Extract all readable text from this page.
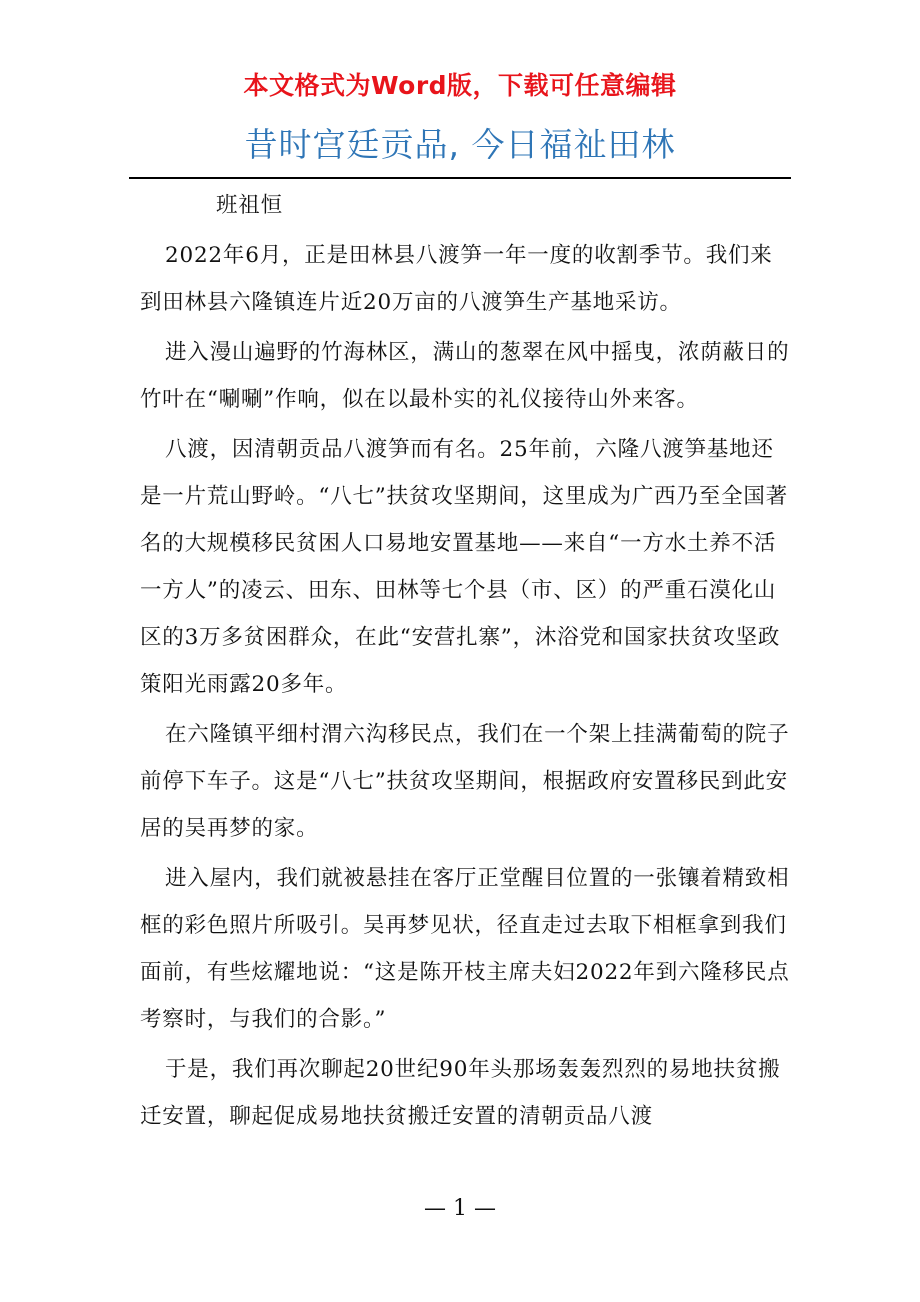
本文格式为Word版，下载可任意编辑
昔时宫廷贡品, 今日福祉田林

班祖恒

2022年6月，正是田林县八渡笋一年一度的收割季节。我们来到田林县六隆镇连片近20万亩的八渡笋生产基地采访。

进入漫山遍野的竹海林区，满山的葱翠在风中摇曳，浓荫蔽日的竹叶在“唰唰”作响，似在以最朴实的礼仪接待山外来客。

八渡，因清朝贡品八渡笋而有名。25年前，六隆八渡笋基地还是一片荒山野岭。“八七”扶贫攻坚期间，这里成为广西乃至全国著名的大规模移民贫困人口易地安置基地——来自“一方水土养不活一方人”的凌云、田东、田林等七个县（市、区）的严重石漠化山区的3万多贫困群众，在此“安营扎寨”，沐浴党和国家扶贫攻坚政策阳光雨露20多年。

在六隆镇平细村渭六沟移民点，我们在一个架上挂满葡萄的院子前停下车子。这是“八七”扶贫攻坚期间，根据政府安置移民到此安居的吴再梦的家。

进入屋内，我们就被悬挂在客厅正堂醒目位置的一张镶着精致相框的彩色照片所吸引。吴再梦见状，径直走过去取下相框拿到我们面前，有些炫耀地说：“这是陈开枝主席夫妇2022年到六隆移民点考察时，与我们的合影。”

于是，我们再次聊起20世纪90年头那场轰轰烈烈的易地扶贫搬迁安置，聊起促成易地扶贫搬迁安置的清朝贡品八渡

— 1 —
